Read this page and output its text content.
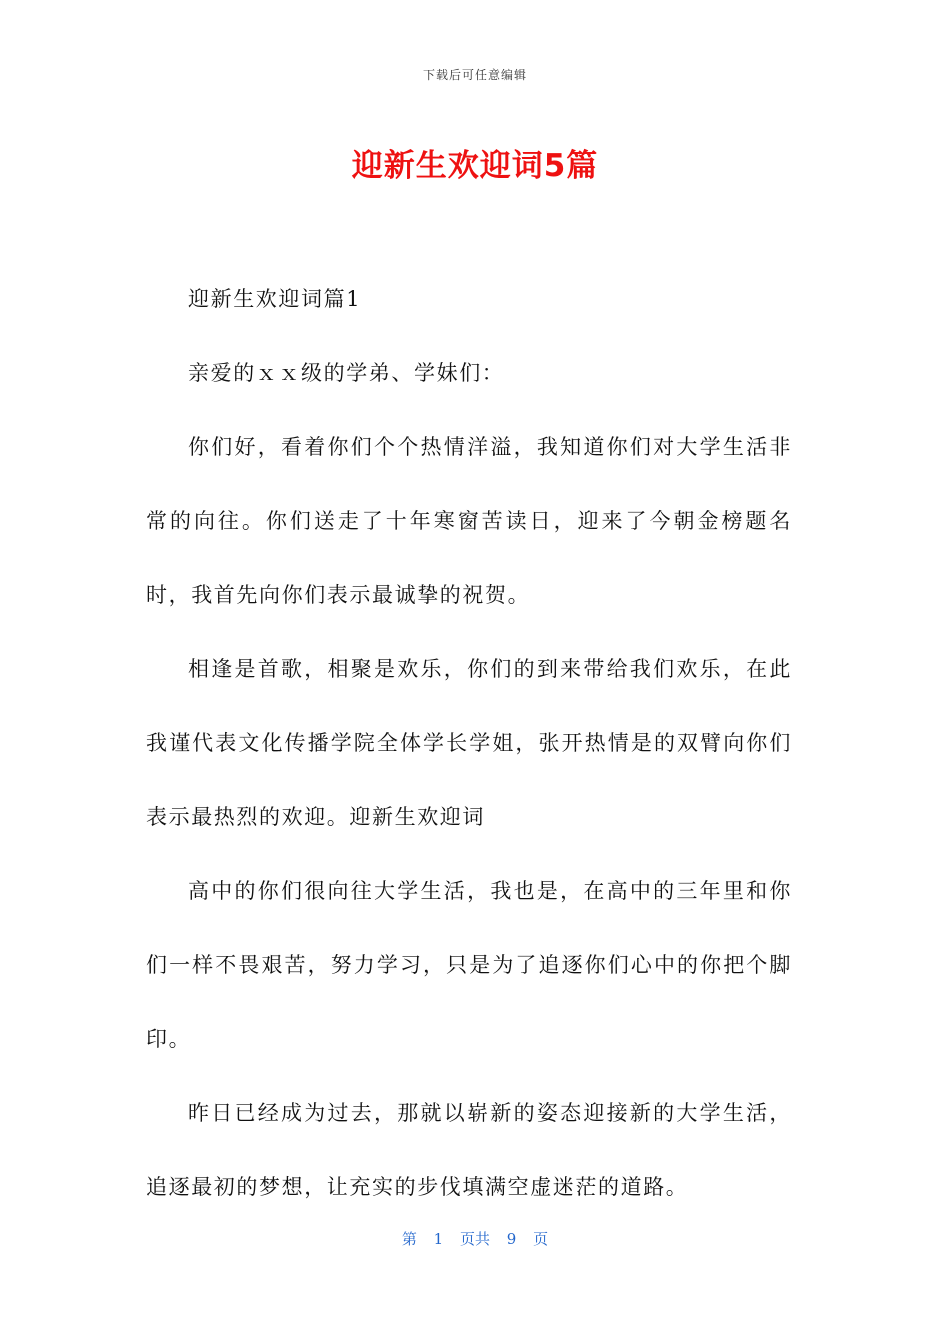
下载后可任意编辑
迎新生欢迎词5篇

迎新生欢迎词篇1

亲爱的ｘｘ级的学弟、学妹们：

你们好，看着你们个个热情洋溢，我知道你们对大学生活非常的向往。你们送走了十年寒窗苦读日，迎来了今朝金榜题名时，我首先向你们表示最诚挚的祝贺。

相逢是首歌，相聚是欢乐，你们的到来带给我们欢乐，在此我谨代表文化传播学院全体学长学姐，张开热情是的双臂向你们表示最热烈的欢迎。迎新生欢迎词

高中的你们很向往大学生活，我也是，在高中的三年里和你们一样不畏艰苦，努力学习，只是为了追逐你们心中的你把个脚印。

昨日已经成为过去，那就以崭新的姿态迎接新的大学生活，追逐最初的梦想，让充实的步伐填满空虚迷茫的道路。

第 1 页共 9 页
